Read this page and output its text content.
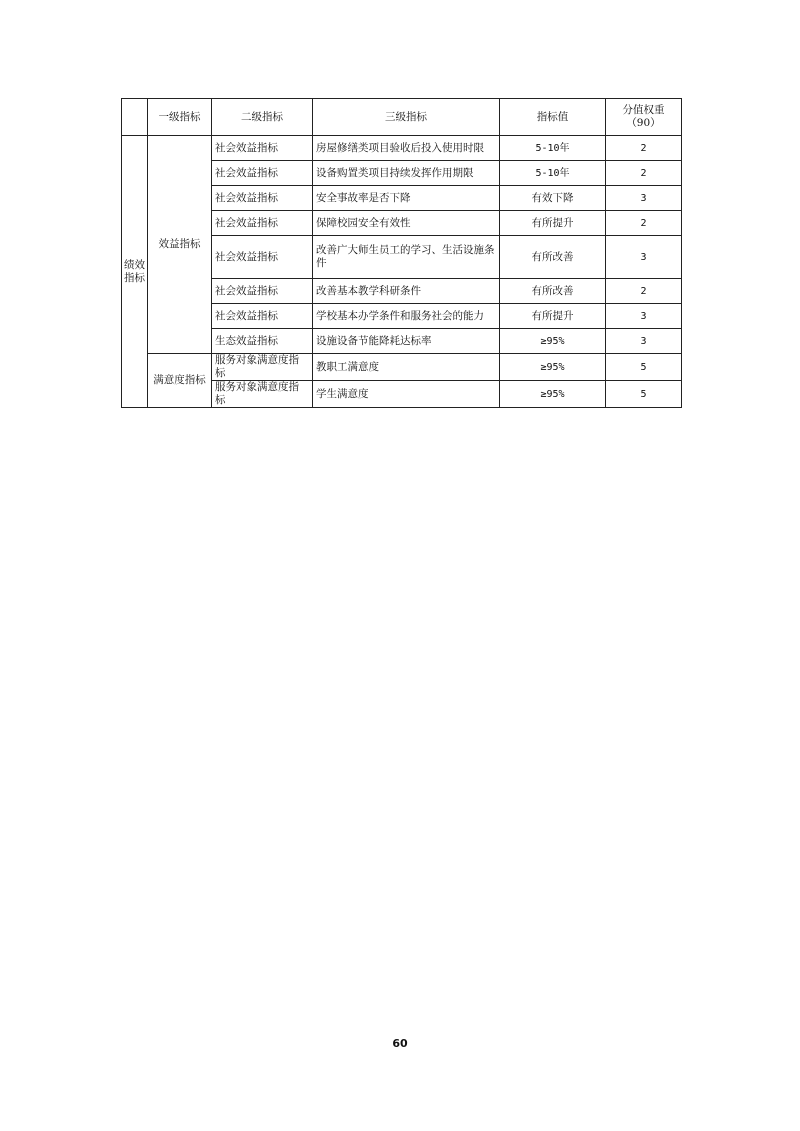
	一级指标	二级指标	三级指标	指标值	分值权重
（90）

绩效
指标	效益指标	社会效益指标	房屋修缮类项目验收后投入使用时限	5-10年	2
		社会效益指标	设备购置类项目持续发挥作用期限	5-10年	2
		社会效益指标	安全事故率是否下降	有效下降	3
		社会效益指标	保障校园安全有效性	有所提升	2
		社会效益指标	改善广大师生员工的学习、生活设施条件	有所改善	3
		社会效益指标	改善基本教学科研条件	有所改善	2
		社会效益指标	学校基本办学条件和服务社会的能力	有所提升	3
		生态效益指标	设施设备节能降耗达标率	≥95%	3
	满意度指标	服务对象满意度指标	教职工满意度	≥95%	5
		服务对象满意度指标	学生满意度	≥95%	5
60
